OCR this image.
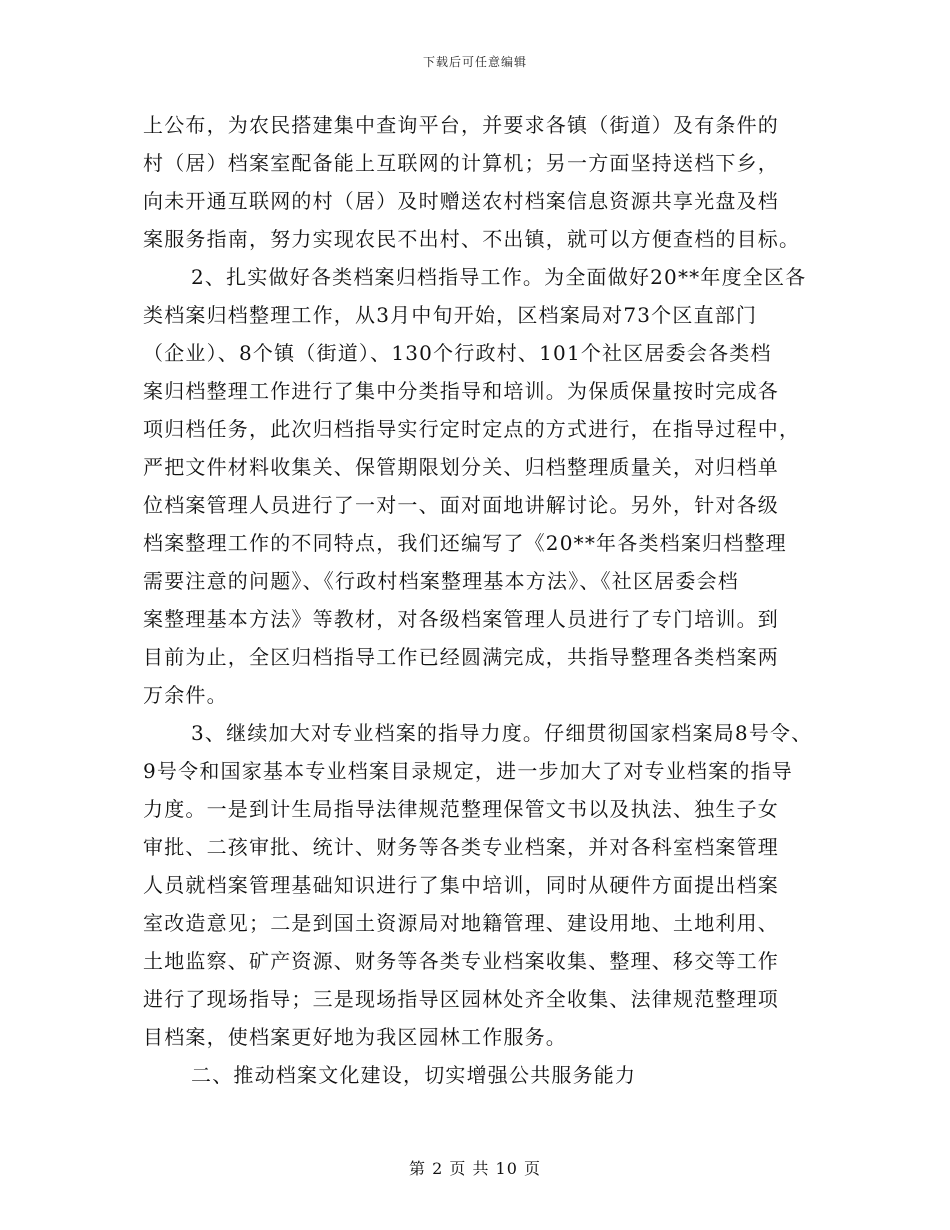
下载后可任意编辑
上公布，为农民搭建集中查询平台，并要求各镇（街道）及有条件的
村（居）档案室配备能上互联网的计算机；另一方面坚持送档下乡，
向未开通互联网的村（居）及时赠送农村档案信息资源共享光盘及档
案服务指南，努力实现农民不出村、不出镇，就可以方便查档的目标。
2、扎实做好各类档案归档指导工作。为全面做好20**年度全区各
类档案归档整理工作，从3月中旬开始，区档案局对73个区直部门
（企业）、8个镇（街道）、130个行政村、101个社区居委会各类档
案归档整理工作进行了集中分类指导和培训。为保质保量按时完成各
项归档任务，此次归档指导实行定时定点的方式进行，在指导过程中，
严把文件材料收集关、保管期限划分关、归档整理质量关，对归档单
位档案管理人员进行了一对一、面对面地讲解讨论。另外，针对各级
档案整理工作的不同特点，我们还编写了《20**年各类档案归档整理
需要注意的问题》、《行政村档案整理基本方法》、《社区居委会档
案整理基本方法》等教材，对各级档案管理人员进行了专门培训。到
目前为止，全区归档指导工作已经圆满完成，共指导整理各类档案两
万余件。
3、继续加大对专业档案的指导力度。仔细贯彻国家档案局8号令、
9号令和国家基本专业档案目录规定，进一步加大了对专业档案的指导
力度。一是到计生局指导法律规范整理保管文书以及执法、独生子女
审批、二孩审批、统计、财务等各类专业档案，并对各科室档案管理
人员就档案管理基础知识进行了集中培训，同时从硬件方面提出档案
室改造意见；二是到国土资源局对地籍管理、建设用地、土地利用、
土地监察、矿产资源、财务等各类专业档案收集、整理、移交等工作
进行了现场指导；三是现场指导区园林处齐全收集、法律规范整理项
目档案，使档案更好地为我区园林工作服务。
二、推动档案文化建设，切实增强公共服务能力
第 2 页 共 10 页
